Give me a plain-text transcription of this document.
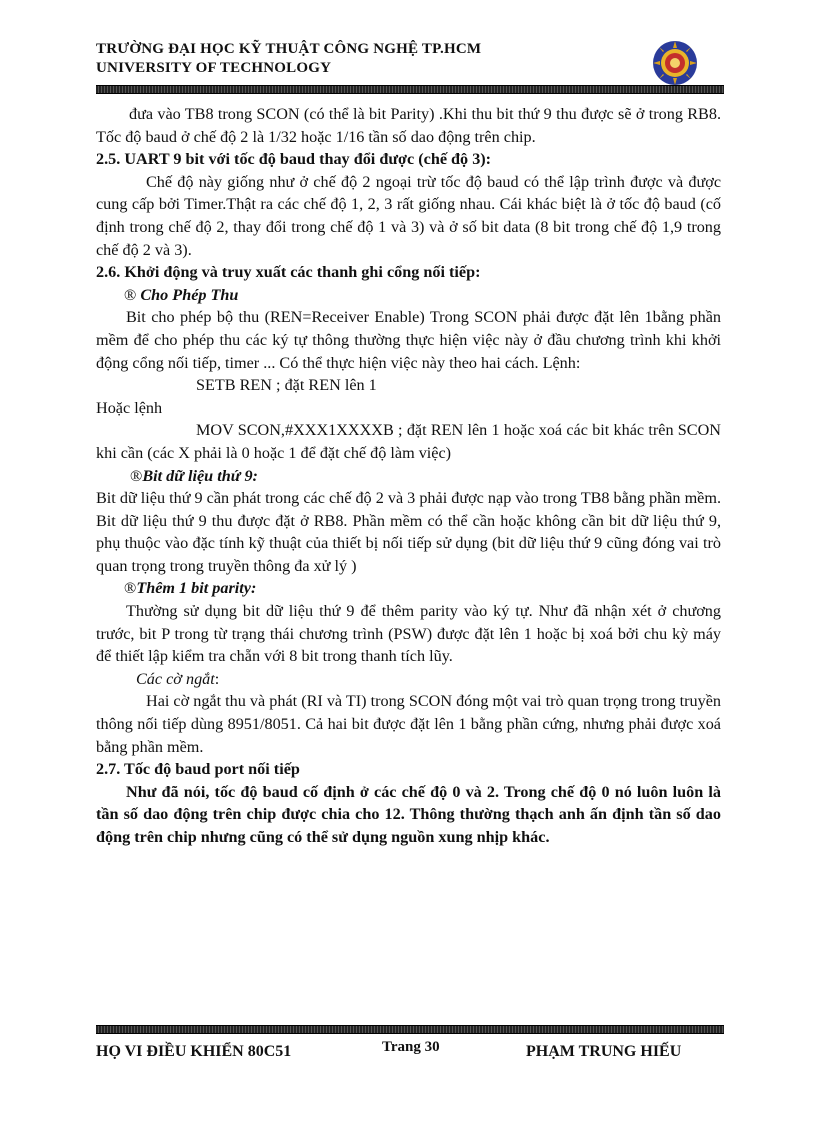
TRƯỜNG ĐẠI HỌC KỸ THUẬT CÔNG NGHỆ TP.HCM
UNIVERSITY OF TECHNOLOGY

đưa vào TB8 trong SCON (có thể là bit Parity) .Khi thu bit thứ 9 thu được sẽ ở trong RB8. Tốc độ baud ở chế độ 2 là 1/32 hoặc 1/16 tần số dao động trên chip.

2.5. UART 9 bit với tốc độ baud thay đổi được (chế độ 3):

Chế độ này giống như ở chế độ 2 ngoại trừ tốc độ baud có thể lập trình được và được cung cấp bởi Timer.Thật ra các chế độ 1, 2, 3 rất giống nhau. Cái khác biệt là ở tốc độ baud (cố định trong chế độ 2, thay đổi trong chế độ 1 và 3) và ở số bit data (8 bit trong chế độ 1,9 trong chế độ 2 và 3).

2.6. Khởi động và truy xuất các thanh ghi cổng nối tiếp:

® Cho Phép Thu

Bit cho phép bộ thu (REN=Receiver Enable) Trong SCON phải được đặt lên 1bằng phần mềm để cho phép thu các ký tự thông thường thực hiện việc này ở đầu chương trình khi khởi động cổng nối tiếp, timer ... Có thể thực hiện việc này theo hai cách. Lệnh:

SETB REN ; đặt REN lên 1

Hoặc lệnh

MOV SCON,#XXX1XXXXB ; đặt REN lên 1 hoặc xoá các bit khác trên SCON khi cần (các X phải là 0 hoặc 1 để đặt chế độ làm việc)

®Bit dữ liệu thứ 9:

Bit dữ liệu thứ 9 cần phát trong các chế độ 2 và 3 phải được nạp vào trong TB8 bằng phần mềm. Bit dữ liệu thứ 9 thu được đặt ở RB8. Phần mềm có thể cần hoặc không cần bit dữ liệu thứ 9, phụ thuộc vào đặc tính kỹ thuật của thiết bị nối tiếp sử dụng (bit dữ liệu thứ 9 cũng đóng vai trò quan trọng trong truyền thông đa xử lý )

®Thêm 1 bit parity:

Thường sử dụng bit dữ liệu thứ 9 để thêm parity vào ký tự. Như đã nhận xét ở chương trước, bit P trong từ trạng thái chương trình (PSW) được đặt lên 1 hoặc bị xoá bởi chu kỳ máy để thiết lập kiểm tra chẵn với 8 bit trong thanh tích lũy.

Các cờ ngắt:

Hai cờ ngắt thu và phát (RI và TI) trong SCON đóng một vai trò quan trọng trong truyền thông nối tiếp dùng 8951/8051. Cả hai bit được đặt lên 1 bằng phần cứng, nhưng phải được xoá bằng phần mềm.

2.7. Tốc độ baud port nối tiếp

Như đã nói, tốc độ baud cố định ở các chế độ 0 và 2. Trong chế độ 0 nó luôn luôn là tần số dao động trên chip được chia cho 12. Thông thường thạch anh ấn định tần số dao động trên chip nhưng cũng có thể sử dụng nguồn xung nhịp khác.

HỌ VI ĐIỀU KHIỂN 80C51	Trang 30	PHẠM TRUNG HIẾU
